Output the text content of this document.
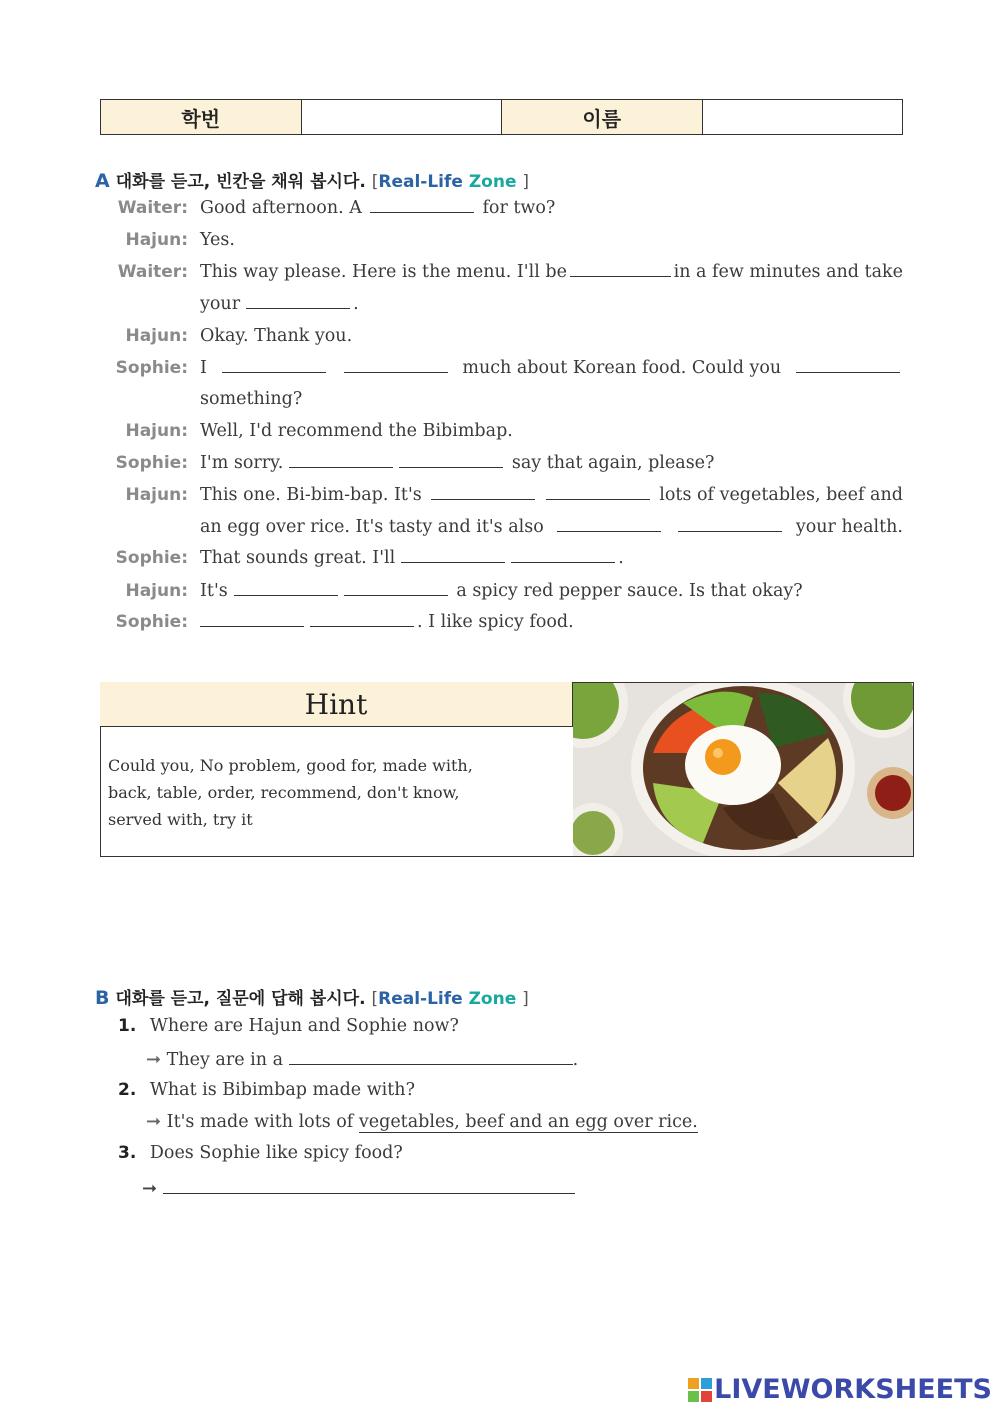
학번	이름
A 대화를 듣고, 빈칸을 채워 봅시다. [Real-Life Zone ]
Waiter: Good afternoon. A	for two?
Hajun: Yes.
Waiter: This way please. Here is the menu. I'll be	in a few minutes and take
your	.
Hajun: Okay. Thank you.
Sophie: I	much about Korean food. Could you
something?
Hajun: Well, I'd recommend the Bibimbap.
Sophie: I'm sorry.	say that again, please?
Hajun: This one. Bi-bim-bap. It's	lots of vegetables, beef and
an egg over rice. It's tasty and it's also	your health.
Sophie: That sounds great. I'll	.
Hajun: It's	a spicy red pepper sauce. Is that okay?
Sophie:	. I like spicy food.
Hint
Could you, No problem, good for, made with,
back, table, order, recommend, don't know,
served with, try it
B 대화를 듣고, 질문에 답해 봅시다. [Real-Life Zone ]
1. Where are Hajun and Sophie now?
➞ They are in a	.
2. What is Bibimbap made with?
➞ It's made with lots of vegetables, beef and an egg over rice.
3. Does Sophie like spicy food?
➞
LIVEWORKSHEETS
